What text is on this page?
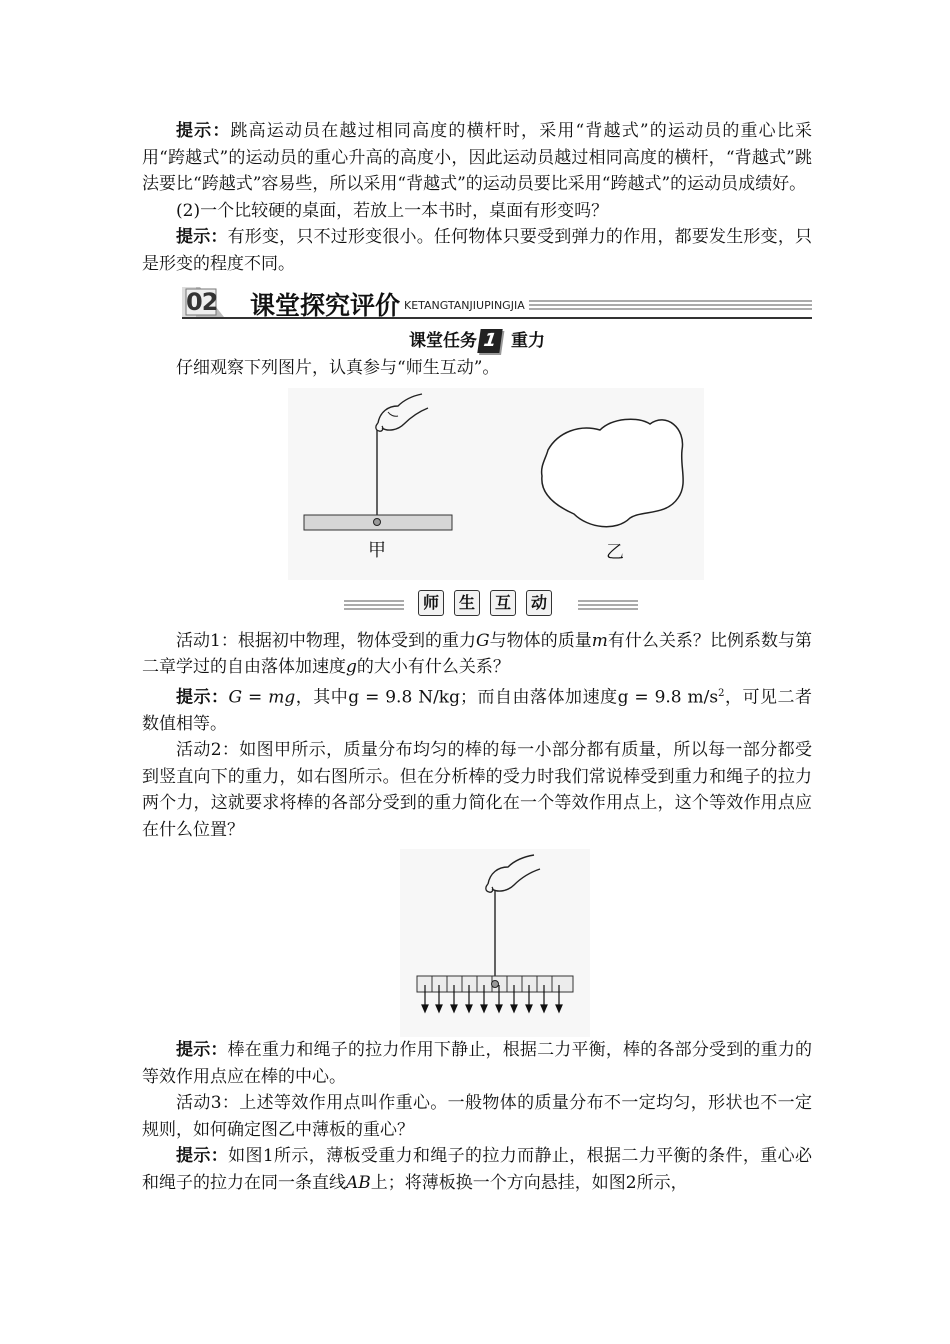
提示：跳高运动员在越过相同高度的横杆时，采用“背越式”的运动员的重心比采用“跨越式”的运动员的重心升高的高度小，因此运动员越过相同高度的横杆，“背越式”跳法要比“跨越式”容易些，所以采用“背越式”的运动员要比采用“跨越式”的运动员成绩好。

(2)一个比较硬的桌面，若放上一本书时，桌面有形变吗？

提示：有形变，只不过形变很小。任何物体只要受到弹力的作用，都要发生形变，只是形变的程度不同。

02 课堂探究评价 KETANGTANJIUPINGJIA
课堂任务 1 重力

仔细观察下列图片，认真参与“师生互动”。

甲	乙
师	生	互	动

活动1：根据初中物理，物体受到的重力G与物体的质量m有什么关系？比例系数与第二章学过的自由落体加速度g的大小有什么关系？

提示：G = mg，其中g = 9.8 N/kg；而自由落体加速度g = 9.8 $m/s^2$，可见二者数值相等。

活动2：如图甲所示，质量分布均匀的棒的每一小部分都有质量，所以每一部分都受到竖直向下的重力，如右图所示。但在分析棒的受力时我们常说棒受到重力和绳子的拉力两个力，这就要求将棒的各部分受到的重力简化在一个等效作用点上，这个等效作用点应在什么位置？

提示：棒在重力和绳子的拉力作用下静止，根据二力平衡，棒的各部分受到的重力的等效作用点应在棒的中心。

活动3：上述等效作用点叫作重心。一般物体的质量分布不一定均匀，形状也不一定规则，如何确定图乙中薄板的重心？

提示：如图1所示，薄板受重力和绳子的拉力而静止，根据二力平衡的条件，重心必和绳子的拉力在同一条直线AB上；将薄板换一个方向悬挂，如图2所示，
